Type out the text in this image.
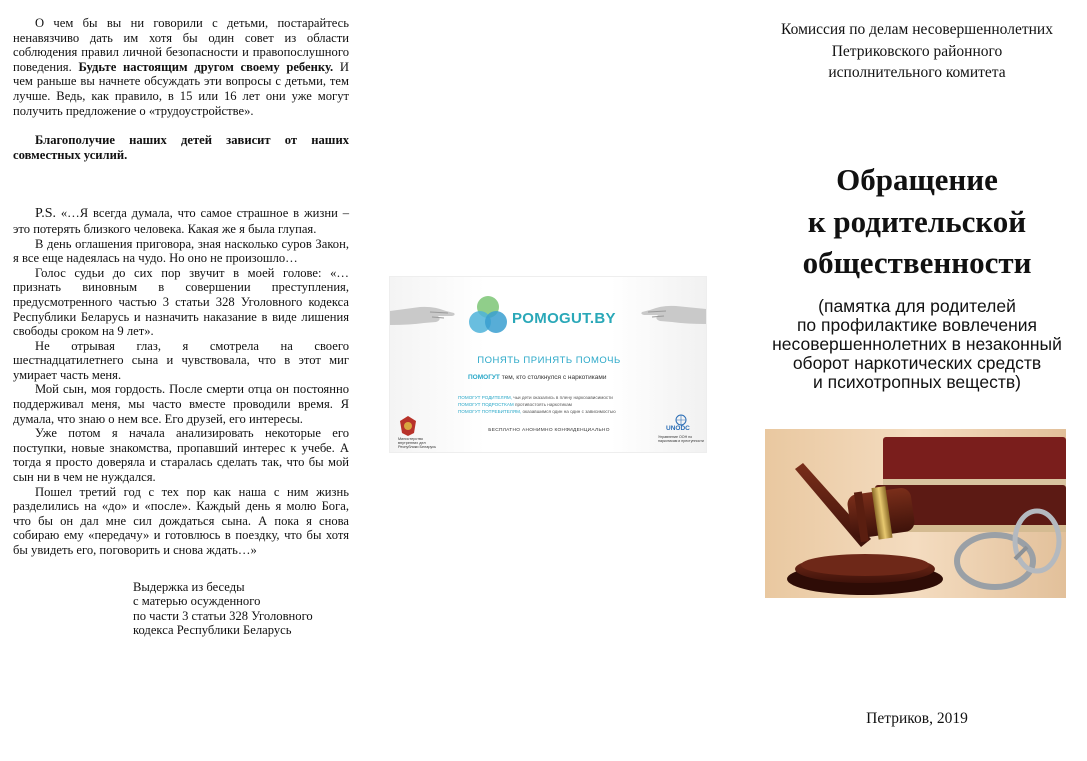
О чем бы вы ни говорили с детьми, постарайтесь ненавязчиво дать им хотя бы один совет из области соблюдения правил личной безопасности и правопослушного поведения. Будьте настоящим другом своему ребенку. И чем раньше вы начнете обсуждать эти вопросы с детьми, тем лучше. Ведь, как правило, в 15 или 16 лет они уже могут получить предложение о «трудоустройстве».

Благополучие наших детей зависит от наших совместных усилий.

P.S. «…Я всегда думала, что самое страшное в жизни – это потерять близкого человека. Какая же я была глупая.

В день оглашения приговора, зная насколько суров Закон, я все еще надеялась на чудо. Но оно не произошло…

Голос судьи до сих пор звучит в моей голове: «… признать виновным в совершении преступления, предусмотренного частью 3 статьи 328 Уголовного кодекса Республики Беларусь и назначить наказание в виде лишения свободы сроком на 9 лет».

Не отрывая глаз, я смотрела на своего шестнадцатилетнего сына и чувствовала, что в этот миг умирает часть меня.

Мой сын, моя гордость. После смерти отца он постоянно поддерживал меня, мы часто вместе проводили время. Я думала, что знаю о нем все. Его друзей, его интересы.

Уже потом я начала анализировать некоторые его поступки, новые знакомства, пропавший интерес к учебе. А тогда я просто доверяла и старалась сделать так, что бы мой сын ни в чем не нуждался.

Пошел третий год с тех пор как наша с ним жизнь разделились на «до» и «после». Каждый день я молю Бога, что бы он дал мне сил дождаться сына. А пока я снова собираю ему «передачу» и готовлюсь в поездку, что бы хотя бы увидеть его, поговорить и снова ждать…»

Выдержка из беседы
с матерью осужденного
по части 3 статьи 328 Уголовного
кодекса Республики Беларусь

POMOGUT.BY
ПОНЯТЬ ПРИНЯТЬ ПОМОЧЬ
ПОМОГУТ тем, кто столкнулся с наркотиками
ПОМОГУТ РОДИТЕЛЯМ, чьи дети оказались в плену наркозависимости
ПОМОГУТ ПОДРОСТКАМ противостоять наркотикам
ПОМОГУТ ПОТРЕБИТЕЛЯМ, оказавшимся один на один с зависимостью
БЕСПЛАТНО АНОНИМНО КОНФИДЕНЦИАЛЬНО
Министерство внутренних дел Республики Беларусь
UNODC
Управление ООН по наркотикам и преступности
Комиссия по делам несовершеннолетних
Петриковского районного
исполнительного комитета
Обращение
к родительской
общественности
(памятка для родителей
по профилактике вовлечения
несовершеннолетних в незаконный
оборот наркотических средств
и психотропных веществ)
Петриков, 2019
